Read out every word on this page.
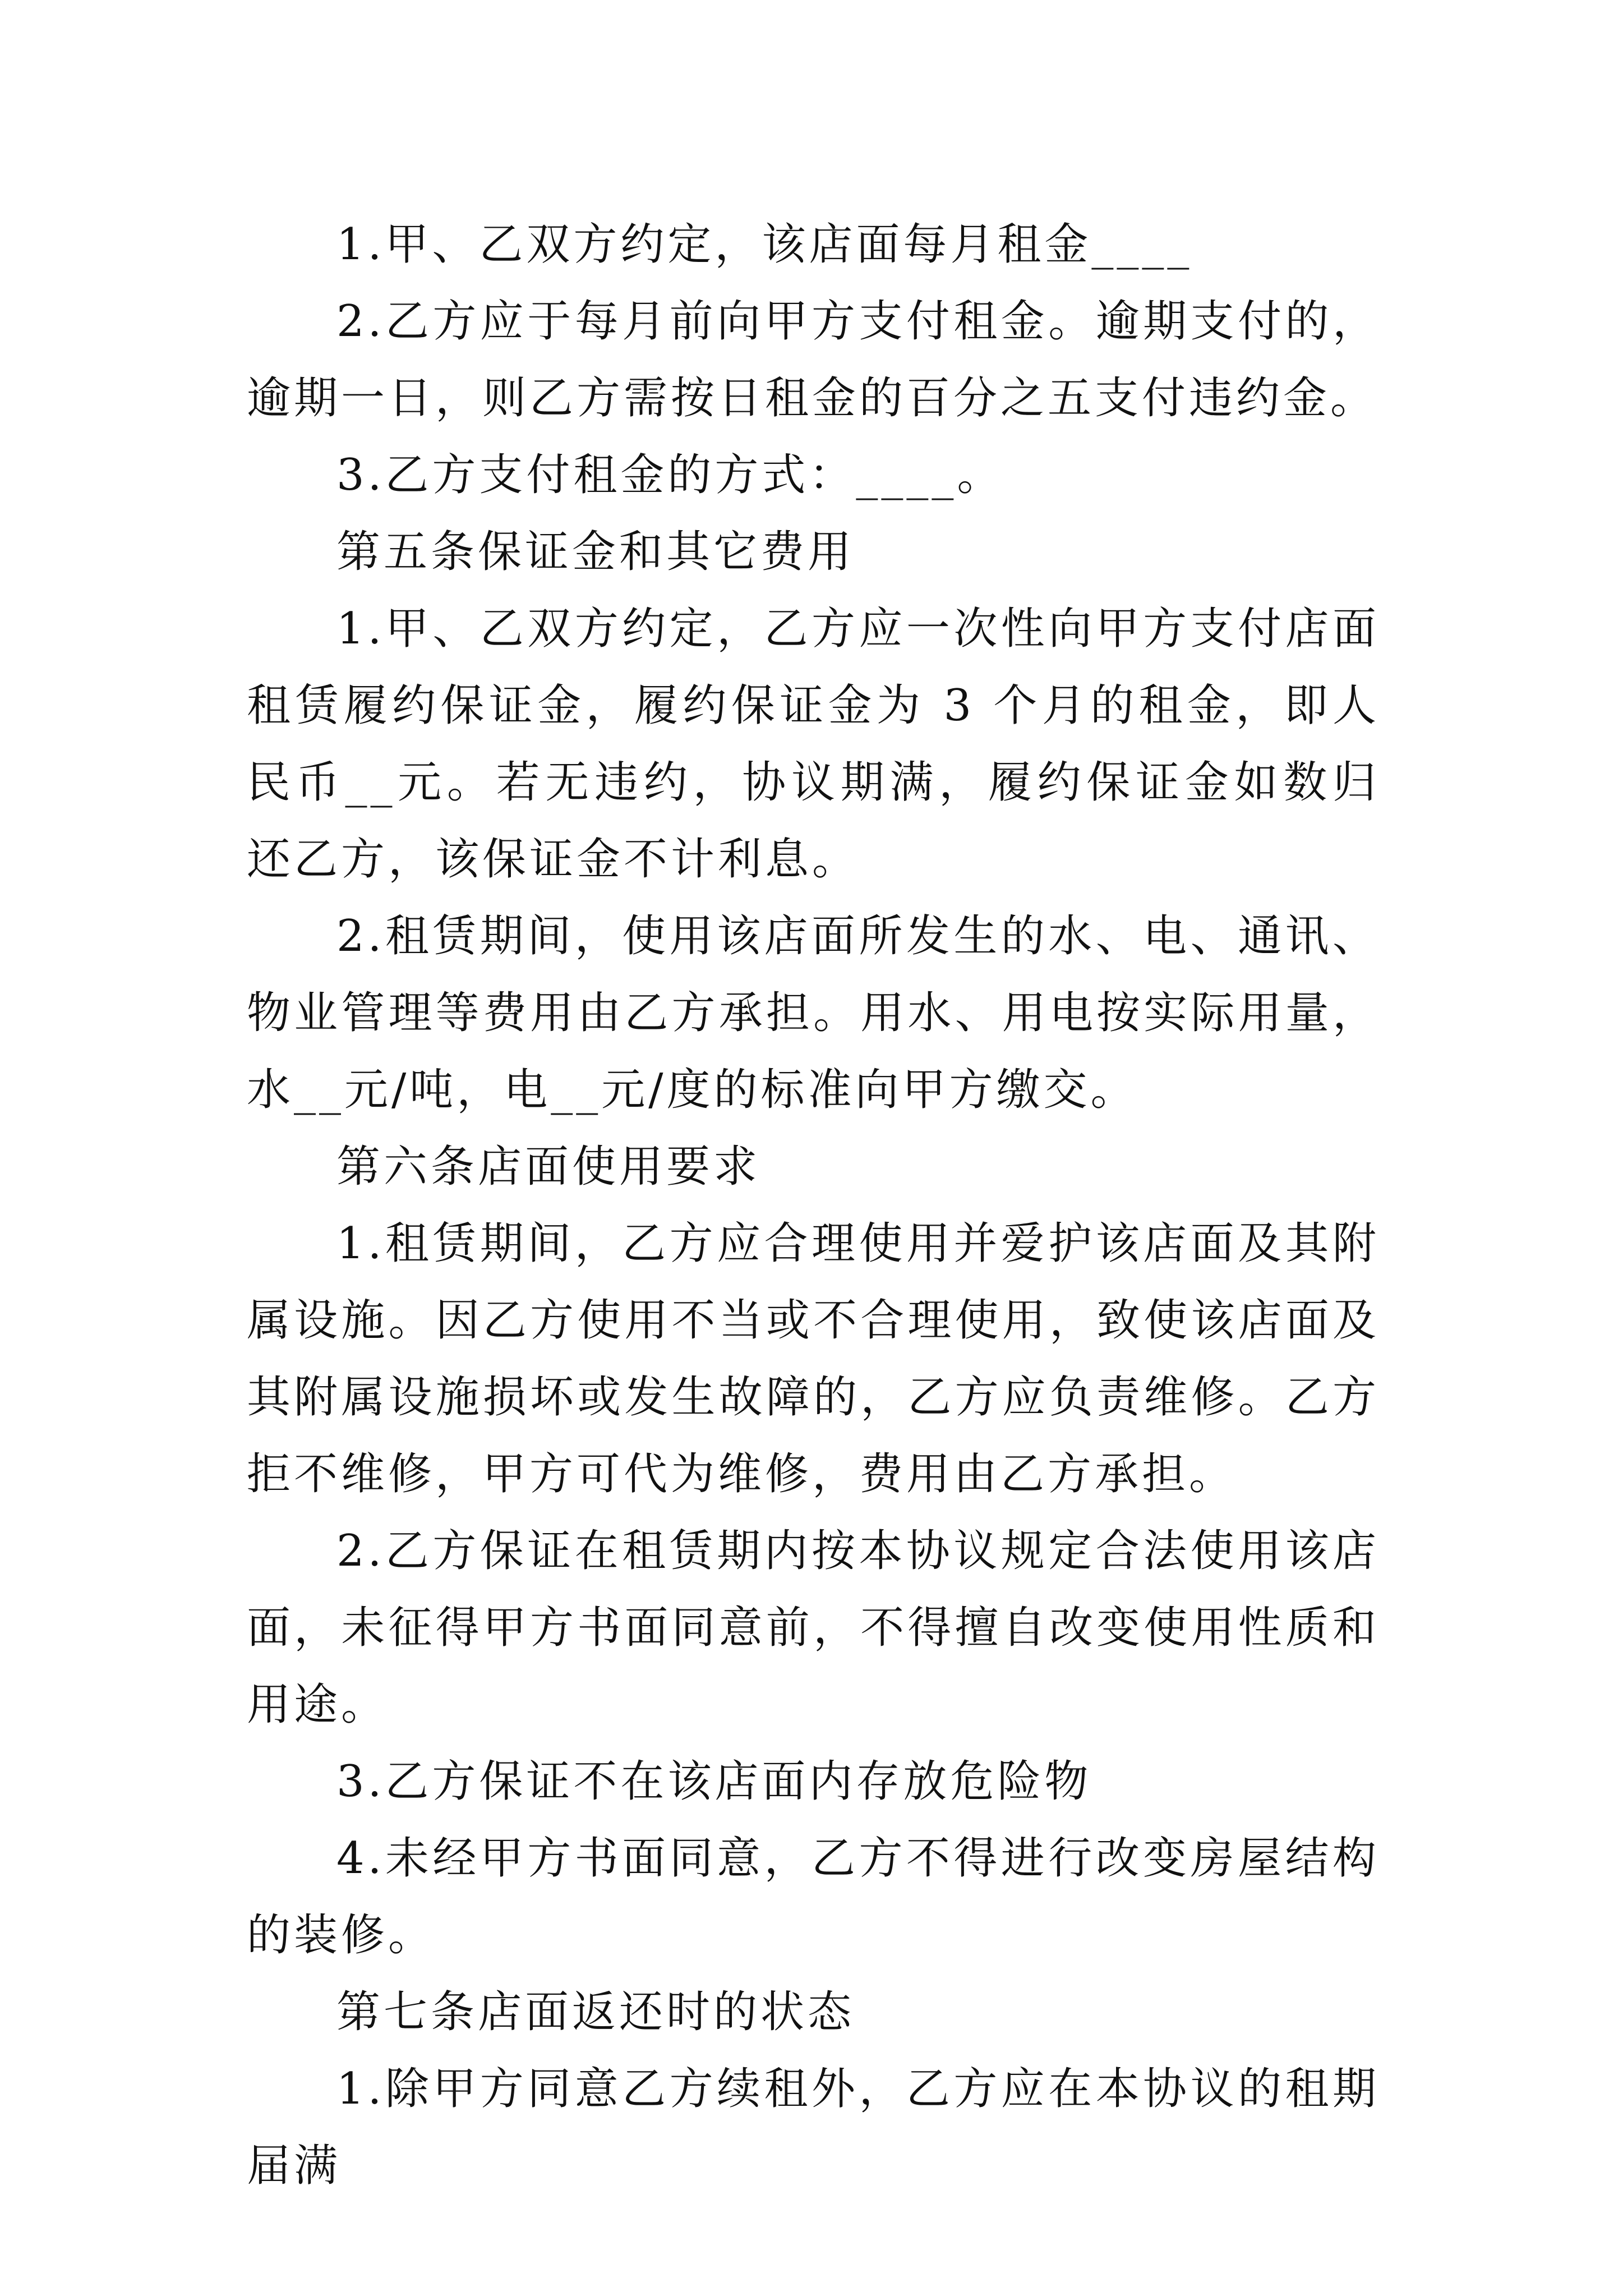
1.甲、乙双方约定，该店面每月租金____

2.乙方应于每月前向甲方支付租金。逾期支付的，逾期一日，则乙方需按日租金的百分之五支付违约金。

3.乙方支付租金的方式：____。

第五条保证金和其它费用

1.甲、乙双方约定，乙方应一次性向甲方支付店面租赁履约保证金，履约保证金为 3 个月的租金，即人民币__元。若无违约，协议期满，履约保证金如数归还乙方，该保证金不计利息。

2.租赁期间，使用该店面所发生的水、电、通讯、物业管理等费用由乙方承担。用水、用电按实际用量，水__元/吨，电__元/度的标准向甲方缴交。

第六条店面使用要求

1.租赁期间，乙方应合理使用并爱护该店面及其附属设施。因乙方使用不当或不合理使用，致使该店面及其附属设施损坏或发生故障的，乙方应负责维修。乙方拒不维修，甲方可代为维修，费用由乙方承担。

2.乙方保证在租赁期内按本协议规定合法使用该店面，未征得甲方书面同意前，不得擅自改变使用性质和用途。

3.乙方保证不在该店面内存放危险物

4.未经甲方书面同意，乙方不得进行改变房屋结构的装修。

第七条店面返还时的状态

1.除甲方同意乙方续租外，乙方应在本协议的租期届满
